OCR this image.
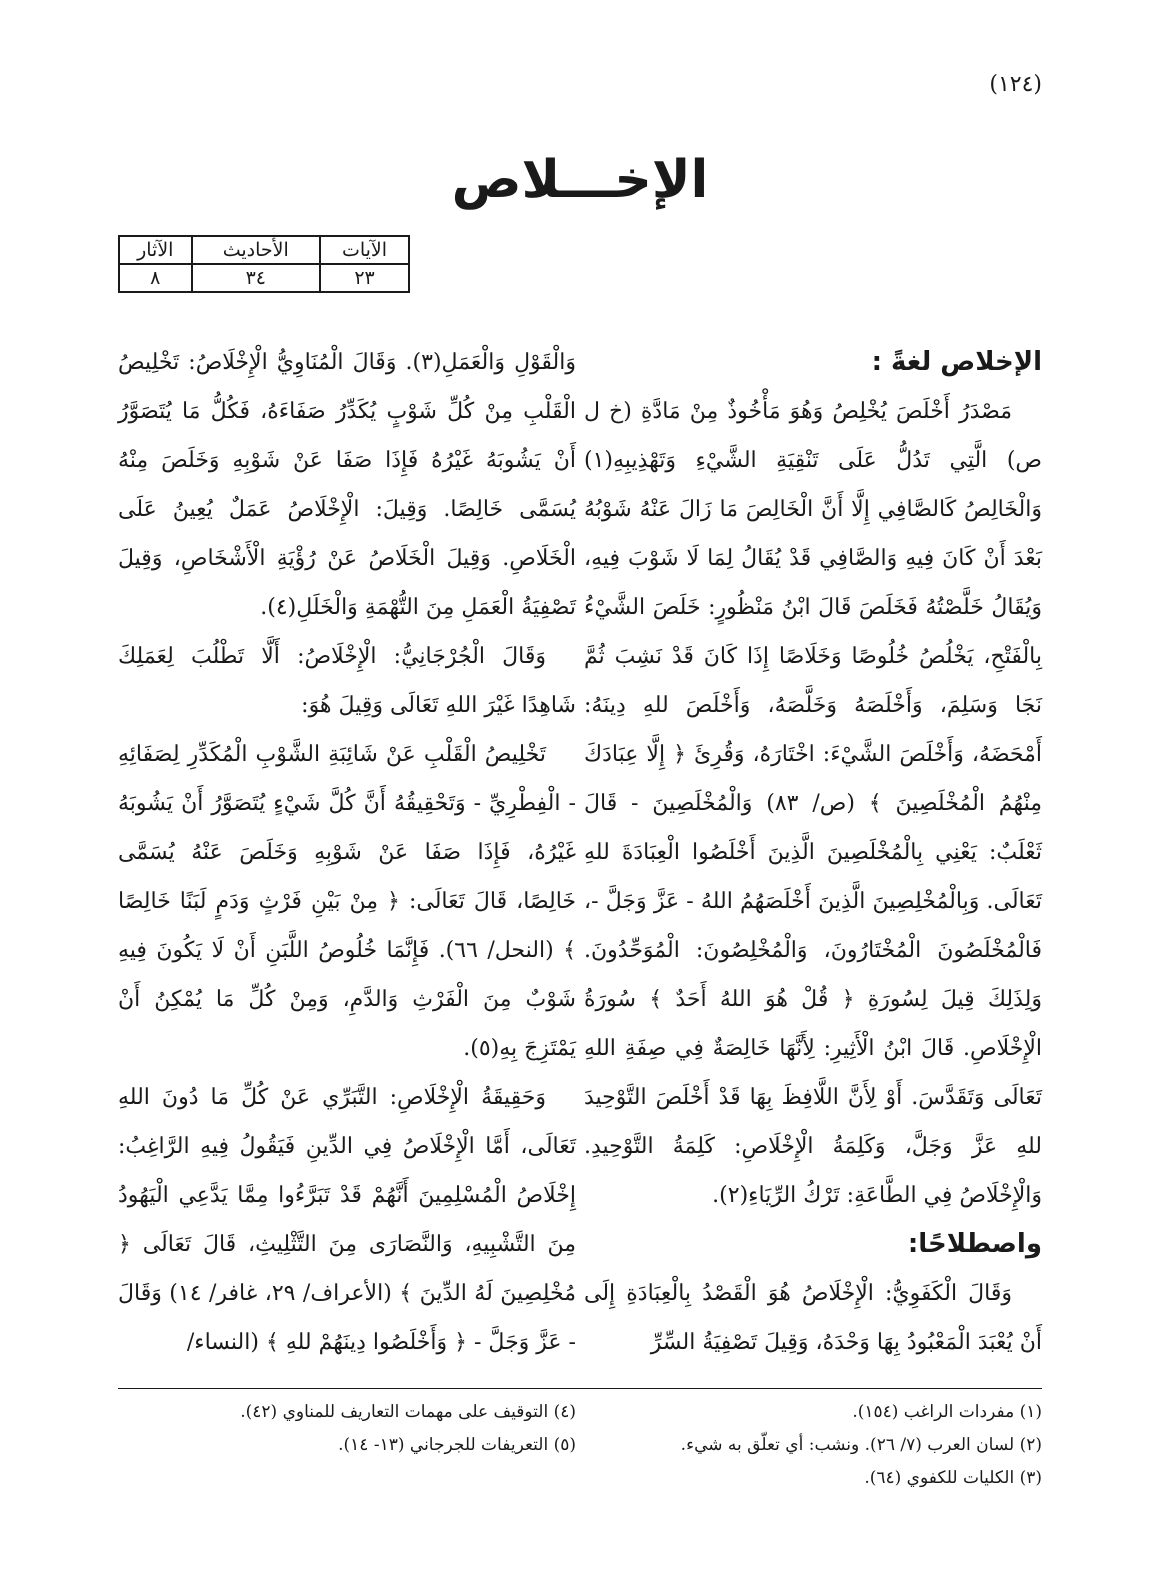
(١٢٤)
الإخـــلاص
الآيات	الأحاديث	الآثار
٢٣	٣٤	٨
الإخلاص لغةً :

مَصْدَرُ أَخْلَصَ يُخْلِصُ وَهُوَ مَأْخُوذٌ مِنْ مَادَّةِ (خ ل ص) الَّتِي تَدُلُّ عَلَى تَنْقِيَةِ الشَّيْءِ وَتَهْذِيبِهِ(١) وَالْخَالِصُ كَالصَّافِي إِلَّا أَنَّ الْخَالِصَ مَا زَالَ عَنْهُ شَوْبُهُ بَعْدَ أَنْ كَانَ فِيهِ وَالصَّافِي قَدْ يُقَالُ لِمَا لَا شَوْبَ فِيهِ، وَيُقَالُ خَلَّصْتُهُ فَخَلَصَ قَالَ ابْنُ مَنْظُورٍ: خَلَصَ الشَّيْءُ بِالْفَتْحِ، يَخْلُصُ خُلُوصًا وَخَلَاصًا إِذَا كَانَ قَدْ نَشِبَ ثُمَّ نَجَا وَسَلِمَ، وَأَخْلَصَهُ وَخَلَّصَهُ، وَأَخْلَصَ للهِ دِينَهُ: أَمْحَضَهُ، وَأَخْلَصَ الشَّيْءَ: اخْتَارَهُ، وَقُرِئَ ﴿ إِلَّا عِبَادَكَ مِنْهُمُ الْمُخْلَصِينَ ﴾ (ص/ ٨٣) وَالْمُخْلَصِينَ - قَالَ ثَعْلَبٌ: يَعْنِي بِالْمُخْلَصِينَ الَّذِينَ أَخْلَصُوا الْعِبَادَةَ للهِ تَعَالَى. وَبِالْمُخْلِصِينَ الَّذِينَ أَخْلَصَهُمُ اللهُ - عَزَّ وَجَلَّ -، فَالْمُخْلَصُونَ الْمُخْتَارُونَ، وَالْمُخْلِصُونَ: الْمُوَحِّدُونَ. وَلِذَلِكَ قِيلَ لِسُورَةِ ﴿ قُلْ هُوَ اللهُ أَحَدٌ ﴾ سُورَةُ الْإِخْلَاصِ. قَالَ ابْنُ الْأَثِيرِ: لِأَنَّهَا خَالِصَةٌ فِي صِفَةِ اللهِ تَعَالَى وَتَقَدَّسَ. أَوْ لِأَنَّ اللَّافِظَ بِهَا قَدْ أَخْلَصَ التَّوْحِيدَ للهِ عَزَّ وَجَلَّ، وَكَلِمَةُ الْإِخْلَاصِ: كَلِمَةُ التَّوْحِيدِ. وَالْإِخْلَاصُ فِي الطَّاعَةِ: تَرْكُ الرِّيَاءِ(٢).

واصطلاحًا:

وَقَالَ الْكَفَوِيُّ: الْإِخْلَاصُ هُوَ الْقَصْدُ بِالْعِبَادَةِ إِلَى أَنْ يُعْبَدَ الْمَعْبُودُ بِهَا وَحْدَهُ، وَقِيلَ تَصْفِيَةُ السِّرِّ

وَالْقَوْلِ وَالْعَمَلِ(٣). وَقَالَ الْمُنَاوِيُّ الْإِخْلَاصُ: تَخْلِيصُ الْقَلْبِ مِنْ كُلِّ شَوْبٍ يُكَدِّرُ صَفَاءَهُ، فَكُلُّ مَا يُتَصَوَّرُ أَنْ يَشُوبَهُ غَيْرُهُ فَإِذَا صَفَا عَنْ شَوْبِهِ وَخَلَصَ مِنْهُ يُسَمَّى خَالِصًا. وَقِيلَ: الْإِخْلَاصُ عَمَلٌ يُعِينُ عَلَى الْخَلَاصِ. وَقِيلَ الْخَلَاصُ عَنْ رُؤْيَةِ الْأَشْخَاصِ، وَقِيلَ تَصْفِيَةُ الْعَمَلِ مِنَ التُّهْمَةِ وَالْخَلَلِ(٤).

وَقَالَ الْجُرْجَانِيُّ: الْإِخْلَاصُ: أَلَّا تَطْلُبَ لِعَمَلِكَ شَاهِدًا غَيْرَ اللهِ تَعَالَى وَقِيلَ هُوَ:

تَخْلِيصُ الْقَلْبِ عَنْ شَائِبَةِ الشَّوْبِ الْمُكَدِّرِ لِصَفَائِهِ - الْفِطْرِيِّ - وَتَحْقِيقُهُ أَنَّ كُلَّ شَيْءٍ يُتَصَوَّرُ أَنْ يَشُوبَهُ غَيْرُهُ، فَإِذَا صَفَا عَنْ شَوْبِهِ وَخَلَصَ عَنْهُ يُسَمَّى خَالِصًا، قَالَ تَعَالَى: ﴿ مِنْ بَيْنِ فَرْثٍ وَدَمٍ لَبَنًا خَالِصًا ﴾ (النحل/ ٦٦). فَإِنَّمَا خُلُوصُ اللَّبَنِ أَنْ لَا يَكُونَ فِيهِ شَوْبٌ مِنَ الْفَرْثِ وَالدَّمِ، وَمِنْ كُلِّ مَا يُمْكِنُ أَنْ يَمْتَزِجَ بِهِ(٥).

وَحَقِيقَةُ الْإِخْلَاصِ: التَّبَرِّي عَنْ كُلِّ مَا دُونَ اللهِ تَعَالَى، أَمَّا الْإِخْلَاصُ فِي الدِّينِ فَيَقُولُ فِيهِ الرَّاغِبُ: إِخْلَاصُ الْمُسْلِمِينَ أَنَّهُمْ قَدْ تَبَرَّءُوا مِمَّا يَدَّعِي الْيَهُودُ مِنَ التَّشْبِيهِ، وَالنَّصَارَى مِنَ التَّثْلِيثِ، قَالَ تَعَالَى ﴿ مُخْلِصِينَ لَهُ الدِّينَ ﴾ (الأعراف/ ٢٩، غافر/ ١٤) وَقَالَ - عَزَّ وَجَلَّ - ﴿ وَأَخْلَصُوا دِينَهُمْ للهِ ﴾ (النساء/

(١) مفردات الراغب (١٥٤).
(٢) لسان العرب (٧/ ٢٦). ونشب: أي تعلّق به شيء.
(٣) الكليات للكفوي (٦٤).
(٤) التوقيف على مهمات التعاريف للمناوي (٤٢).
(٥) التعريفات للجرجاني (١٣- ١٤).
